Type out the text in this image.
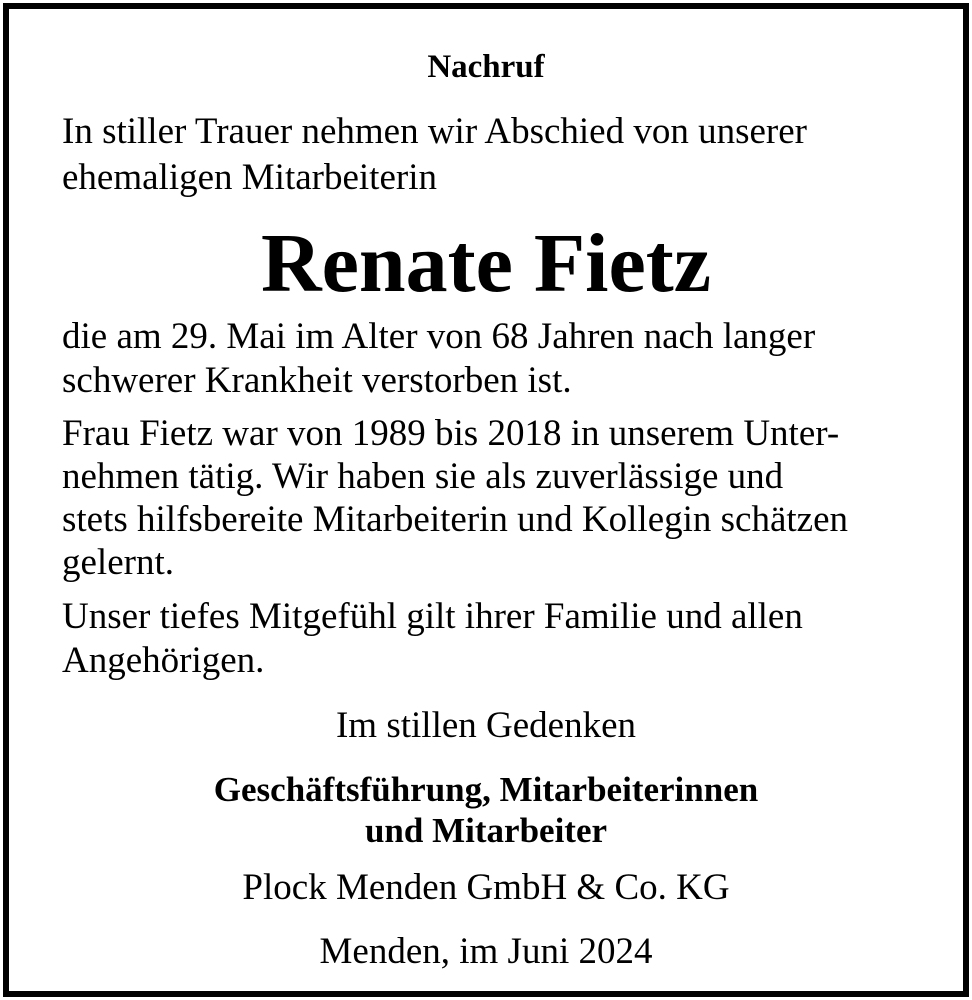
Nachruf
In stiller Trauer nehmen wir Abschied von unserer
ehemaligen Mitarbeiterin
Renate Fietz
die am 29. Mai im Alter von 68 Jahren nach langer
schwerer Krankheit verstorben ist.
Frau Fietz war von 1989 bis 2018 in unserem Unter-
nehmen tätig. Wir haben sie als zuverlässige und
stets hilfsbereite Mitarbeiterin und Kollegin schätzen
gelernt.
Unser tiefes Mitgefühl gilt ihrer Familie und allen
Angehörigen.
Im stillen Gedenken
Geschäftsführung, Mitarbeiterinnen
und Mitarbeiter
Plock Menden GmbH & Co. KG
Menden, im Juni 2024
